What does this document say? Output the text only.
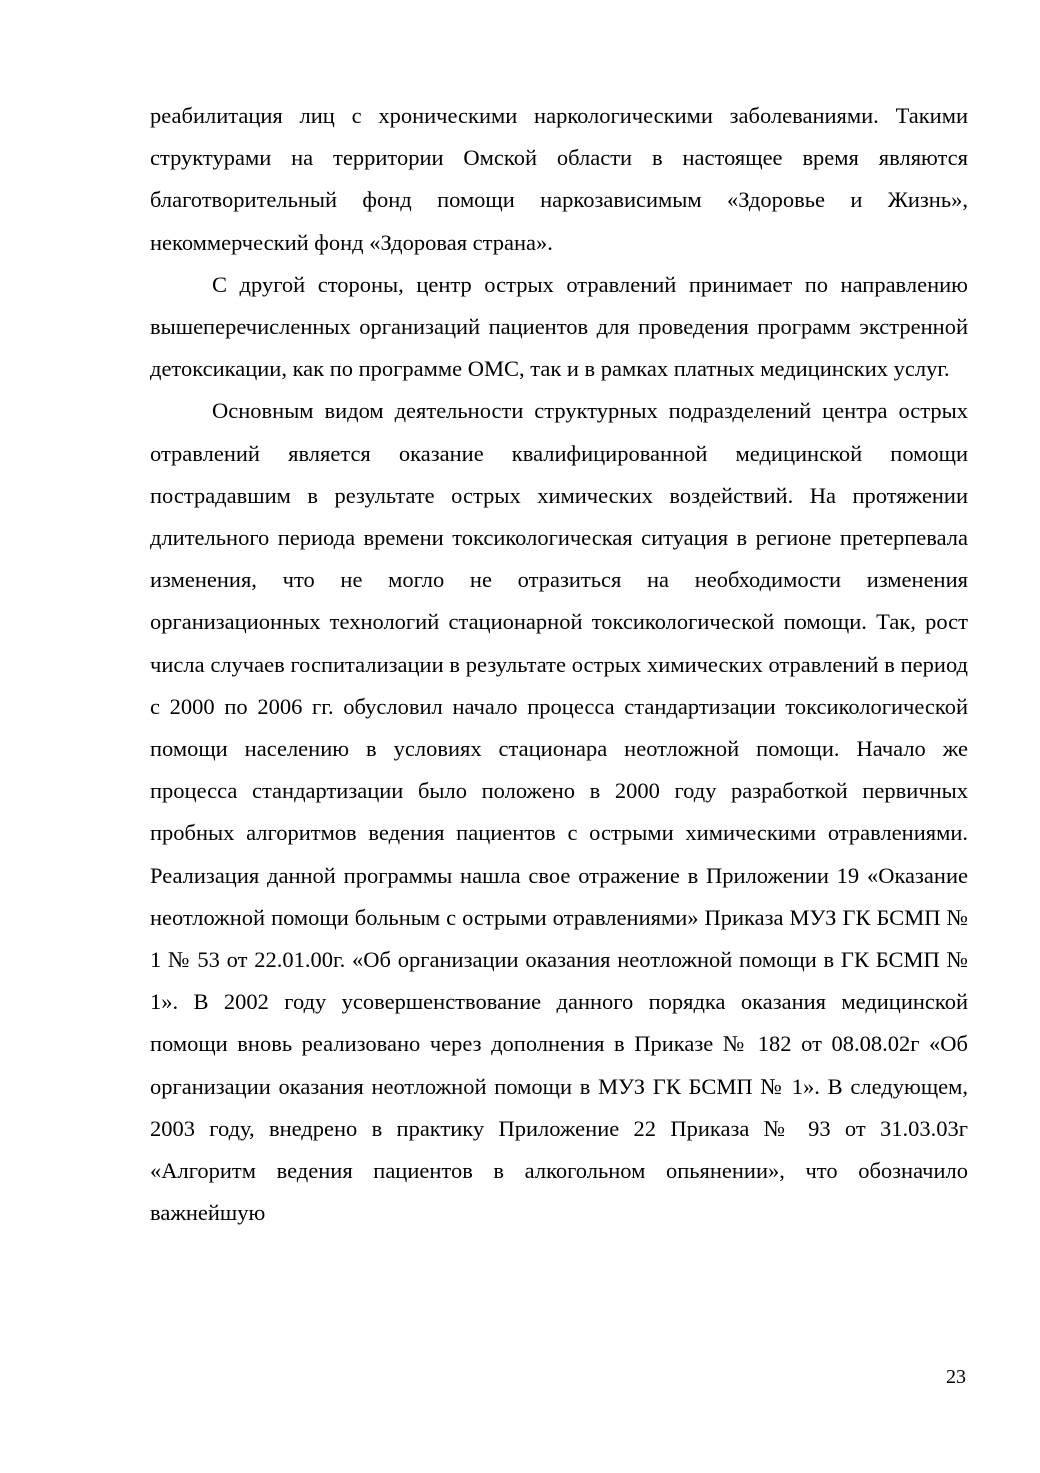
реабилитация лиц с хроническими наркологическими заболеваниями. Такими структурами на территории Омской области в настоящее время являются благотворительный фонд помощи наркозависимым «Здоровье и Жизнь», некоммерческий фонд «Здоровая страна».

С другой стороны, центр острых отравлений принимает по направлению вышеперечисленных организаций пациентов для проведения программ экстренной детоксикации, как по программе ОМС, так и в рамках платных медицинских услуг.

Основным видом деятельности структурных подразделений центра острых отравлений является оказание квалифицированной медицинской помощи пострадавшим в результате острых химических воздействий. На протяжении длительного периода времени токсикологическая ситуация в регионе претерпевала изменения, что не могло не отразиться на необходимости изменения организационных технологий стационарной токсикологической помощи. Так, рост числа случаев госпитализации в результате острых химических отравлений в период с 2000 по 2006 гг. обусловил начало процесса стандартизации токсикологической помощи населению в условиях стационара неотложной помощи. Начало же процесса стандартизации было положено в 2000 году разработкой первичных пробных алгоритмов ведения пациентов с острыми химическими отравлениями. Реализация данной программы нашла свое отражение в Приложении 19 «Оказание неотложной помощи больным с острыми отравлениями» Приказа МУЗ ГК БСМП № 1 № 53 от 22.01.00г. «Об организации оказания неотложной помощи в ГК БСМП № 1». В 2002 году усовершенствование данного порядка оказания медицинской помощи вновь реализовано через дополнения в Приказе № 182 от 08.08.02г «Об организации оказания неотложной помощи в МУЗ ГК БСМП № 1». В следующем, 2003 году, внедрено в практику Приложение 22 Приказа № 93 от 31.03.03г «Алгоритм ведения пациентов в алкогольном опьянении», что обозначило важнейшую

23
